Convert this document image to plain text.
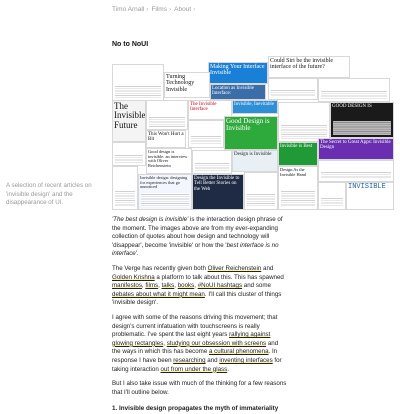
Timo Arnall › Films › About ›
No to NoUI
Making Your Interface Invisible
Could Siri be the invisible interface of the future?
Turning Technology Invisible	Location as Invisible Interface:
The Invisible Future
The Invisible Interface
Invisible, Inevitable	GOOD DESIGN IS
This Won't Hurt a Bit
Good Design is Invisible
Invisible is Best
The Secret to Great Apps: Invisible Design
Good design is invisible: an interview with Oliver Reichenstein
Design is Invisible
Invisible design: designing for experiences that go unnoticed
Design the Invisible to Tell Better Stories on the Web
Design As the Invisible Hand
INVISIBLE
A selection of recent articles on 'invisible design' and the disappearance of UI.

'The best design is invisible' is the interaction design phrase of the moment. The images above are from my ever-expanding collection of quotes about how design and technology will 'disappear', become 'invisible' or how the 'best interface is no interface'.

The Verge has recently given both Oliver Reichenstein and Golden Krishna a platform to talk about this. This has spawned manifestos, films, talks, books, #NoUI hashtags and some debates about what it might mean. I'll call this cluster of things 'invisible design'.

I agree with some of the reasons driving this movement; that design's current infatuation with touchscreens is really problematic. I've spent the last eight years rallying against glowing rectangles, studying our obsession with screens and the ways in which this has become a cultural phenomena. In response I have been researching and inventing interfaces for taking interaction out from under the glass.

But I also take issue with much of the thinking for a few reasons that I'll outline below.

1. Invisible design propagates the myth of immateriality
